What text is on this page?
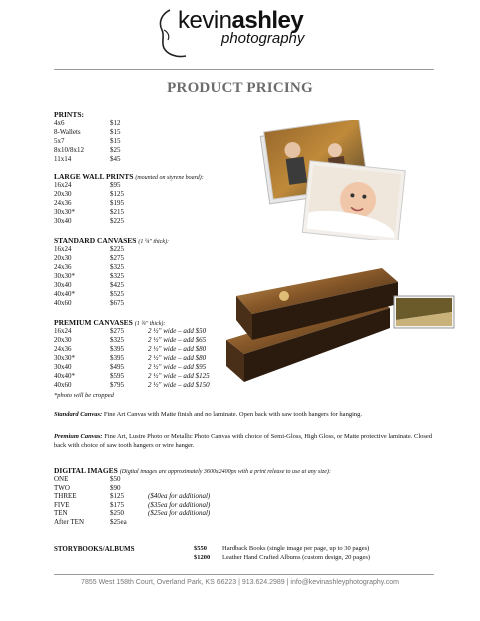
kevinashley
photography
PRODUCT PRICING
PRINTS:
4x6	$12
8-Wallets	$15
5x7	$15
8x10/8x12	$25
11x14	$45
LARGE WALL PRINTS (mounted on styrene board):
16x24	$95
20x30	$125
24x36	$195
30x30*	$215
30x40	$225
STANDARD CANVASES (1 ¼" thick):
16x24	$225
20x30	$275
24x36	$325
30x30*	$325
30x40	$425
40x40*	$525
40x60	$675
PREMIUM CANVASES (1 ¾" thick):
16x24	$275	2 ½" wide – add $50
20x30	$325	2 ½" wide – add $65
24x36	$395	2 ½" wide – add $80
30x30*	$395	2 ½" wide – add $80
30x40	$495	2 ½" wide – add $95
40x40*	$595	2 ½" wide – add $125
40x60	$795	2 ½" wide – add $150
*photo will be cropped
Standard Canvas: Fine Art Canvas with Matte finish and no laminate. Open back with saw tooth hangers for hanging.
Premium Canvas: Fine Art, Lustre Photo or Metallic Photo Canvas with choice of Semi-Gloss, High Gloss, or Matte protective laminate. Closed back with choice of saw tooth hangers or wire hanger.
DIGITAL IMAGES (Digital images are approximately 3600x2400px with a print release to use at any size):
ONE	$50
TWO	$90
THREE	$125	($40ea for additional)
FIVE	$175	($35ea for additional)
TEN	$250	($25ea for additional)
After TEN	$25ea
STORYBOOKS/ALBUMS	$550 Hardback Books (single image per page, up to 30 pages)
$1200 Leather Hand Crafted Albums (custom design, 20 pages)
7855 West 158th Court, Overland Park, KS 66223 | 913.624.2989 | info@kevinashleyphotography.com
